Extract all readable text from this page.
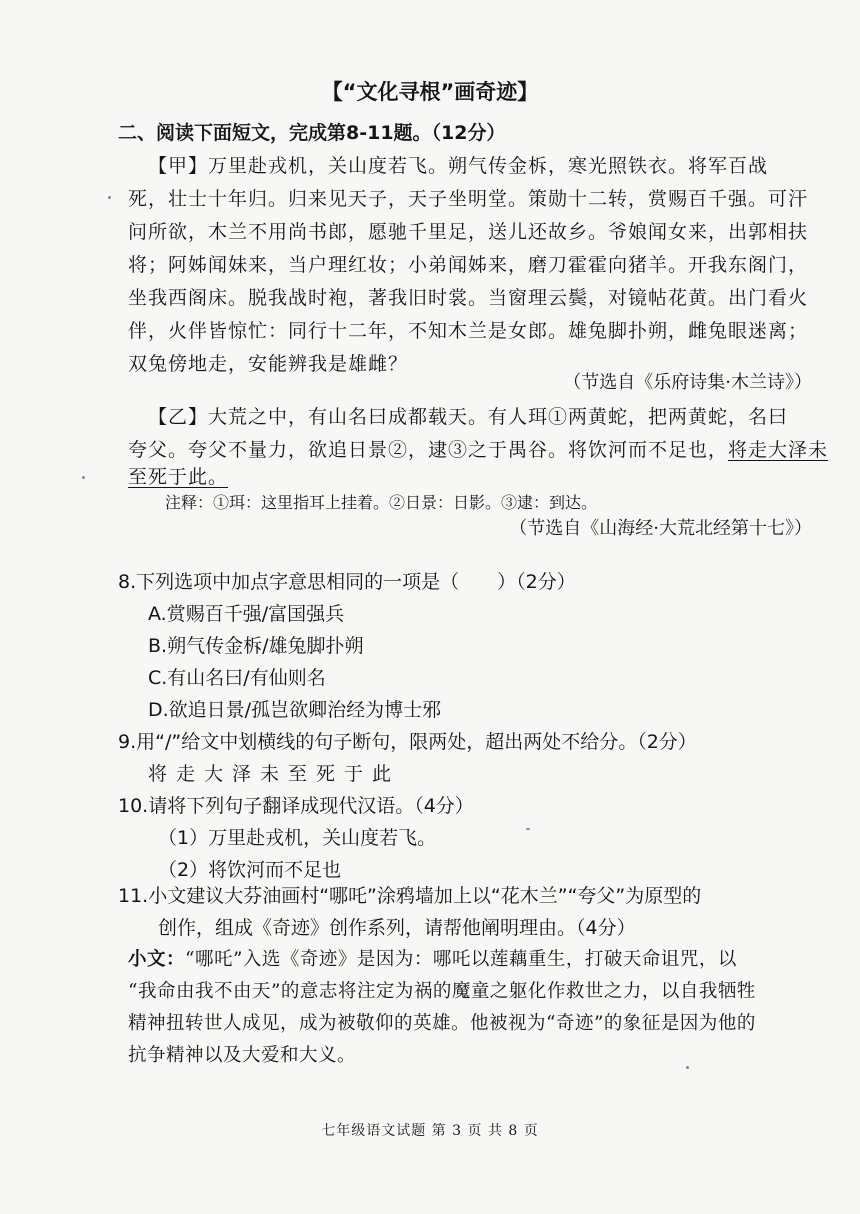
【“文化寻根”画奇迹】
二、阅读下面短文，完成第8-11题。（12分）
【甲】万里赴戎机，关山度若飞。朔气传金柝，寒光照铁衣。将军百战
死，壮士十年归。归来见天子，天子坐明堂。策勋十二转，赏赐百千强。可汗
问所欲，木兰不用尚书郎，愿驰千里足，送儿还故乡。爷娘闻女来，出郭相扶
将；阿姊闻妹来，当户理红妆；小弟闻姊来，磨刀霍霍向猪羊。开我东阁门，
坐我西阁床。脱我战时袍，著我旧时裳。当窗理云鬓，对镜帖花黄。出门看火
伴，火伴皆惊忙：同行十二年，不知木兰是女郎。雄兔脚扑朔，雌兔眼迷离；
双兔傍地走，安能辨我是雄雌？
（节选自《乐府诗集·木兰诗》）
【乙】大荒之中，有山名曰成都载天。有人珥①两黄蛇，把两黄蛇，名曰
夸父。夸父不量力，欲追日景②，逮③之于禺谷。将饮河而不足也，将走大泽未
至死于此。
注释：①珥：这里指耳上挂着。②日景：日影。③逮：到达。
（节选自《山海经·大荒北经第十七》）
8.下列选项中加点字意思相同的一项是（　　）（2分）
A.赏赐百千强/富国强兵
B.朔气传金柝/雄兔脚扑朔
C.有山名曰/有仙则名
D.欲追日景/孤岂欲卿治经为博士邪
9.用“/”给文中划横线的句子断句，限两处，超出两处不给分。（2分）
将走大泽未至死于此
10.请将下列句子翻译成现代汉语。（4分）
（1）万里赴戎机，关山度若飞。
（2）将饮河而不足也
11.小文建议大芬油画村“哪吒”涂鸦墙加上以“花木兰”“夸父”为原型的
创作，组成《奇迹》创作系列，请帮他阐明理由。（4分）
小文：“哪吒”入选《奇迹》是因为：哪吒以莲藕重生，打破天命诅咒，以
“我命由我不由天”的意志将注定为祸的魔童之躯化作救世之力，以自我牺牲
精神扭转世人成见，成为被敬仰的英雄。他被视为“奇迹”的象征是因为他的
抗争精神以及大爱和大义。
七年级语文试题 第 3 页 共 8 页
